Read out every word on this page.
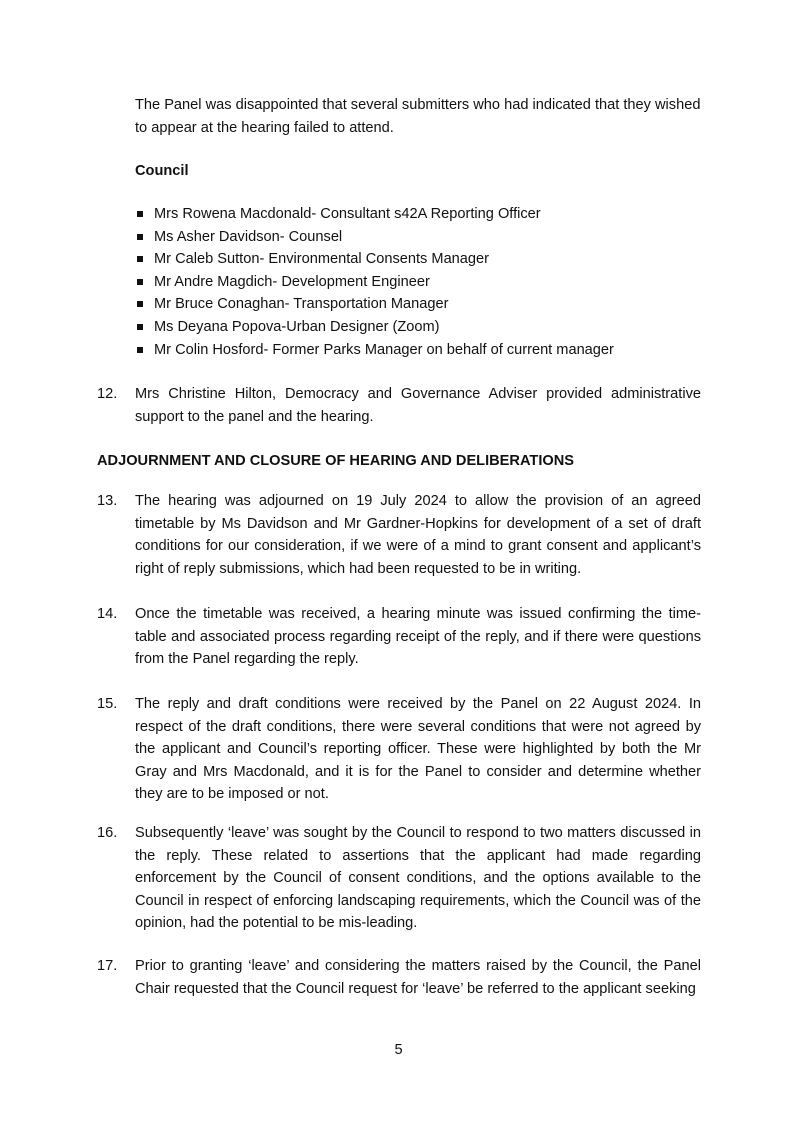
The Panel was disappointed that several submitters who had indicated that they wished to appear at the hearing failed to attend.
Council
Mrs Rowena Macdonald- Consultant s42A Reporting Officer
Ms Asher Davidson- Counsel
Mr Caleb Sutton- Environmental Consents Manager
Mr Andre Magdich- Development Engineer
Mr Bruce Conaghan- Transportation Manager
Ms Deyana Popova-Urban Designer (Zoom)
Mr Colin Hosford- Former Parks Manager on behalf of current manager
12. Mrs Christine Hilton, Democracy and Governance Adviser provided administrative support to the panel and the hearing.
ADJOURNMENT AND CLOSURE OF HEARING AND DELIBERATIONS
13. The hearing was adjourned on 19 July 2024 to allow the provision of an agreed timetable by Ms Davidson and Mr Gardner-Hopkins for development of a set of draft conditions for our consideration, if we were of a mind to grant consent and applicant’s right of reply submissions, which had been requested to be in writing.
14. Once the timetable was received, a hearing minute was issued confirming the time-table and associated process regarding receipt of the reply, and if there were questions from the Panel regarding the reply.
15. The reply and draft conditions were received by the Panel on 22 August 2024. In respect of the draft conditions, there were several conditions that were not agreed by the applicant and Council’s reporting officer. These were highlighted by both the Mr Gray and Mrs Macdonald, and it is for the Panel to consider and determine whether they are to be imposed or not.
16. Subsequently ‘leave’ was sought by the Council to respond to two matters discussed in the reply. These related to assertions that the applicant had made regarding enforcement by the Council of consent conditions, and the options available to the Council in respect of enforcing landscaping requirements, which the Council was of the opinion, had the potential to be mis-leading.
17. Prior to granting ‘leave’ and considering the matters raised by the Council, the Panel Chair requested that the Council request for ‘leave’ be referred to the applicant seeking
5
